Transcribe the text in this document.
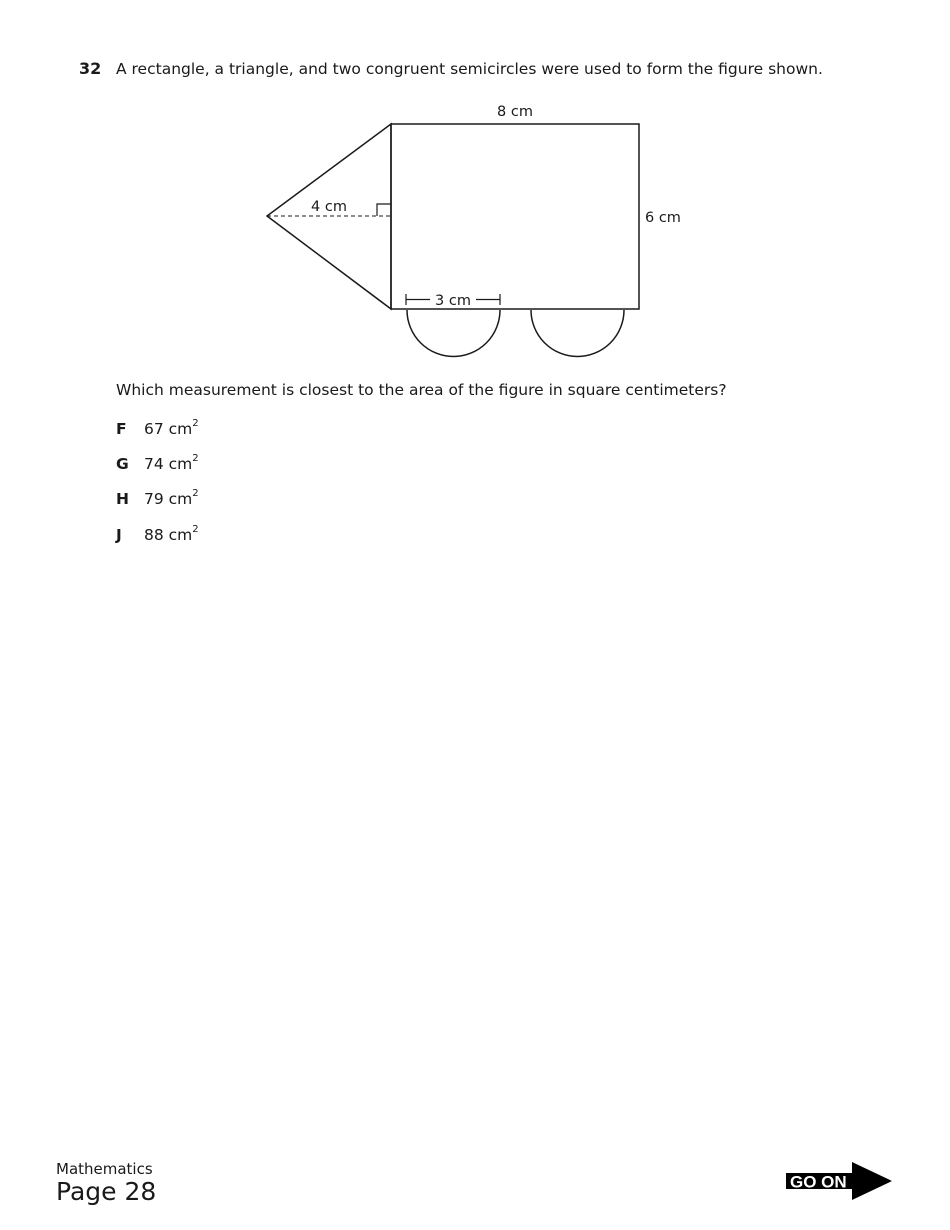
32 A rectangle, a triangle, and two congruent semicircles were used to form the figure shown.
8 cm
6 cm
4 cm
3 cm
Which measurement is closest to the area of the figure in square centimeters?
F 67 $cm^2$
G 74 $cm^2$
H 79 $cm^2$
J 88 $cm^2$
Mathematics
Page 28	GO ON
